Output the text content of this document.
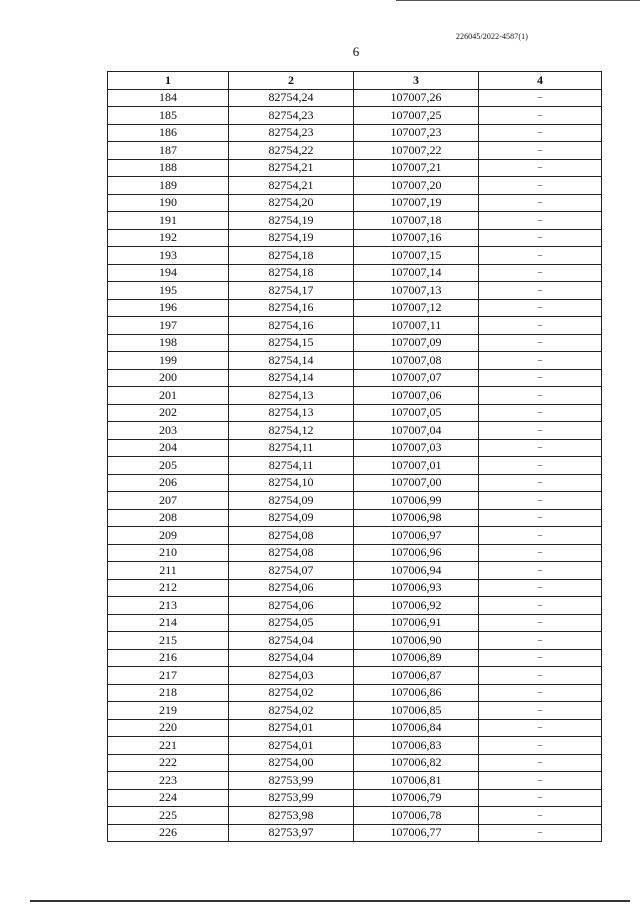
226045/2022-4587(1)
6
1	2	3	4
184	82754,24	107007,26	–
185	82754,23	107007,25	–
186	82754,23	107007,23	–
187	82754,22	107007,22	–
188	82754,21	107007,21	–
189	82754,21	107007,20	–
190	82754,20	107007,19	–
191	82754,19	107007,18	–
192	82754,19	107007,16	–
193	82754,18	107007,15	–
194	82754,18	107007,14	–
195	82754,17	107007,13	–
196	82754,16	107007,12	–
197	82754,16	107007,11	–
198	82754,15	107007,09	–
199	82754,14	107007,08	–
200	82754,14	107007,07	–
201	82754,13	107007,06	–
202	82754,13	107007,05	–
203	82754,12	107007,04	–
204	82754,11	107007,03	–
205	82754,11	107007,01	–
206	82754,10	107007,00	–
207	82754,09	107006,99	–
208	82754,09	107006,98	–
209	82754,08	107006,97	–
210	82754,08	107006,96	–
211	82754,07	107006,94	–
212	82754,06	107006,93	–
213	82754,06	107006,92	–
214	82754,05	107006,91	–
215	82754,04	107006,90	–
216	82754,04	107006,89	–
217	82754,03	107006,87	–
218	82754,02	107006,86	–
219	82754,02	107006,85	–
220	82754,01	107006,84	–
221	82754,01	107006,83	–
222	82754,00	107006,82	–
223	82753,99	107006,81	–
224	82753,99	107006,79	–
225	82753,98	107006,78	–
226	82753,97	107006,77	–
